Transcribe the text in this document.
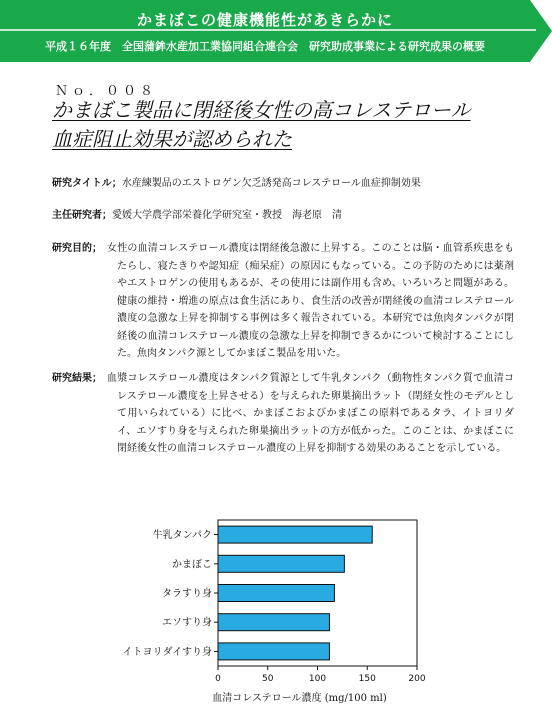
かまぼこの健康機能性があきらかに
平成１６年度　全国蒲鉾水産加工業協同組合連合会　研究助成事業による研究成果の概要
Ｎｏ．００８
かまぼこ製品に閉経後女性の高コレステロール
血症阻止効果が認められた
研究タイトル；水産練製品のエストロゲン欠乏誘発高コレステロール血症抑制効果
主任研究者；愛媛大学農学部栄養化学研究室・教授　海老原　清
研究目的； 女性の血清コレステロール濃度は閉経後急激に上昇する。このことは脳・血管系疾患をもたらし、寝たきりや認知症（痴呆症）の原因にもなっている。この予防のためには薬剤やエストロゲンの使用もあるが、その使用には副作用も含め、いろいろと問題がある。健康の維持・増進の原点は食生活にあり、食生活の改善が閉経後の血清コレステロール濃度の急激な上昇を抑制する事例は多く報告されている。本研究では魚肉タンパクが閉経後の血清コレステロール濃度の急激な上昇を抑制できるかについて検討することにした。魚肉タンパク源としてかまぼこ製品を用いた。
研究結果； 血漿コレステロール濃度はタンパク質源として牛乳タンパク（動物性タンパク質で血清コレステロール濃度を上昇させる）を与えられた卵巣摘出ラット（閉経女性のモデルとして用いられている）に比べ、かまぼこおよびかまぼこの原料であるタラ、イトヨリダイ、エソすり身を与えられた卵巣摘出ラットの方が低かった。このことは、かまぼこに閉経後女性の血清コレステロール濃度の上昇を抑制する効果のあることを示している。
牛乳タンパク
かまぼこ
タラすり身
エソすり身
イトヨリダイすり身
0	50	100	150	200
血清コレステロール濃度 (mg/100 ml)
